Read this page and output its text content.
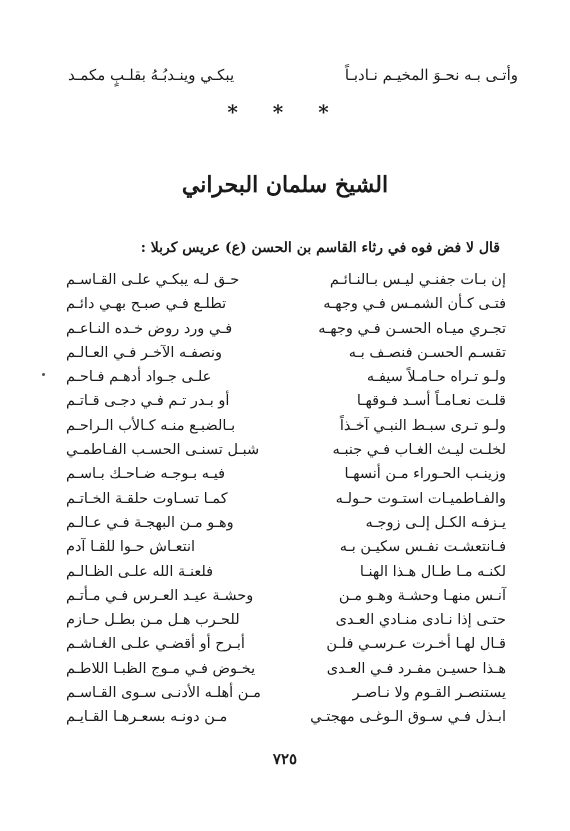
وأتـى بـه نحـوَ المخيـم نـادبـاً
يبكـي وينـدبُـهُ بقلـبٍ مكمـد
* * *
الشيخ سلمان البحراني
قال لا فض فوه في رثاء القاسم بن الحسن (ع) عريس كربلا :
إن بـات جفنـي ليـس بـالنـائـم
حـق لـه يبكـي علـى القـاسـم
فتـى كـأن الشمـس فـي وجهـه
تطلـع فـي صبـح بهـي دائـم
تجـري ميـاه الحسـن فـي وجهـه
فـي ورد روض خـده النـاعـم
تقسـم الحسـن فنصـف بـه
ونصفـه الآخـر فـي العـالـم
ولـو تـراه حـامـلاً سيفـه
علـى جـواد أدهـم فـاحـم
قلـت نعـامـاً أسـد فـوقهـا
أو بـدر تـم فـي دجـى قـاتـم
ولـو تـرى سبـط النبـي آخـذاً
بـالضبـع منـه كـالأب الـراحـم
لخلـت ليـث الغـاب فـي جنبـه
شبـل تسنـى الحسـب الفـاطمـي
وزينـب الحـوراء مـن أنسهـا
فيـه بـوجـه ضـاحـك بـاسـم
والفـاطميـات استـوت حـولـه
كمـا تسـاوت حلقـة الخـاتـم
يـزفـه الكـل إلـى زوجـه
وهـو مـن البهجـة فـي عـالـم
فـانتعشـت نفـس سكيـن بـه
انتعـاش حـوا للقـا آدم
لكنـه مـا طـال هـذا الهنـا
فلعنـة الله علـى الظـالـم
آنـس منهـا وحشـة وهـو مـن
وحشـة عيـد العـرس فـي مـأتـم
حتـى إذا نـادى منـادي العـدى
للحـرب هـل مـن بطـل حـازم
قـال لهـا أخـرت عـرسـي فلـن
أبـرح أو أقضـي علـى الغـاشـم
هـذا حسيـن مفـرد فـي العـدى
يخـوض فـي مـوج الظبـا اللاطـم
يستنصـر القـوم ولا نـاصـر
مـن أهلـه الأدنـى سـوى القـاسـم
ابـذل فـي سـوق الـوغـى مهجتـي
مـن دونـه بسعـرهـا القـايـم
٧٢٥
